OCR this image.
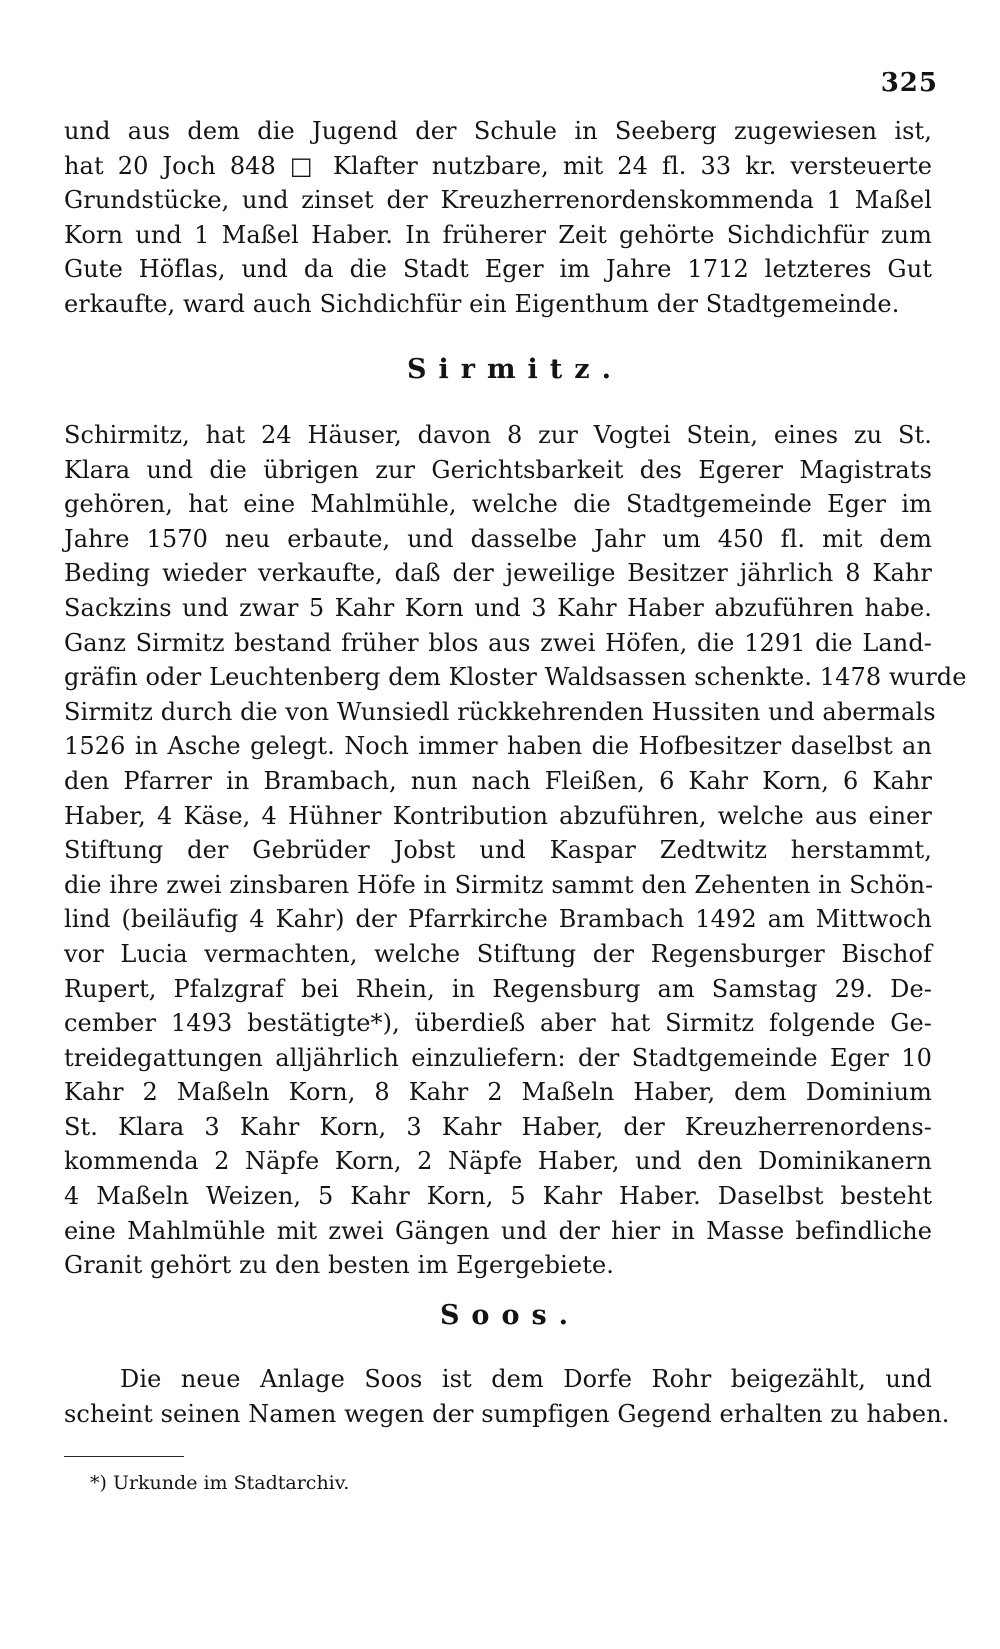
325
und aus dem die Jugend der Schule in Seeberg zugewiesen ist,
hat 20 Joch 848 □ Klafter nutzbare, mit 24 fl. 33 kr. versteuerte
Grundstücke, und zinset der Kreuzherrenordenskommenda 1 Maßel
Korn und 1 Maßel Haber. In früherer Zeit gehörte Sichdichfür zum
Gute Höflas, und da die Stadt Eger im Jahre 1712 letzteres Gut
erkaufte, ward auch Sichdichfür ein Eigenthum der Stadtgemeinde.
Sirmitz.
Schirmitz, hat 24 Häuser, davon 8 zur Vogtei Stein, eines zu St.
Klara und die übrigen zur Gerichtsbarkeit des Egerer Magistrats
gehören, hat eine Mahlmühle, welche die Stadtgemeinde Eger im
Jahre 1570 neu erbaute, und dasselbe Jahr um 450 fl. mit dem
Beding wieder verkaufte, daß der jeweilige Besitzer jährlich 8 Kahr
Sackzins und zwar 5 Kahr Korn und 3 Kahr Haber abzuführen habe.
Ganz Sirmitz bestand früher blos aus zwei Höfen, die 1291 die Land-
gräfin oder Leuchtenberg dem Kloster Waldsassen schenkte. 1478 wurde
Sirmitz durch die von Wunsiedl rückkehrenden Hussiten und abermals
1526 in Asche gelegt. Noch immer haben die Hofbesitzer daselbst an
den Pfarrer in Brambach, nun nach Fleißen, 6 Kahr Korn, 6 Kahr
Haber, 4 Käse, 4 Hühner Kontribution abzuführen, welche aus einer
Stiftung der Gebrüder Jobst und Kaspar Zedtwitz herstammt,
die ihre zwei zinsbaren Höfe in Sirmitz sammt den Zehenten in Schön-
lind (beiläufig 4 Kahr) der Pfarrkirche Brambach 1492 am Mittwoch
vor Lucia vermachten, welche Stiftung der Regensburger Bischof
Rupert, Pfalzgraf bei Rhein, in Regensburg am Samstag 29. De-
cember 1493 bestätigte*), überdieß aber hat Sirmitz folgende Ge-
treidegattungen alljährlich einzuliefern: der Stadtgemeinde Eger 10
Kahr 2 Maßeln Korn, 8 Kahr 2 Maßeln Haber, dem Dominium
St. Klara 3 Kahr Korn, 3 Kahr Haber, der Kreuzherrenordens-
kommenda 2 Näpfe Korn, 2 Näpfe Haber, und den Dominikanern
4 Maßeln Weizen, 5 Kahr Korn, 5 Kahr Haber. Daselbst besteht
eine Mahlmühle mit zwei Gängen und der hier in Masse befindliche
Granit gehört zu den besten im Egergebiete.
Soos.
Die neue Anlage Soos ist dem Dorfe Rohr beigezählt, und
scheint seinen Namen wegen der sumpfigen Gegend erhalten zu haben.
*) Urkunde im Stadtarchiv.
